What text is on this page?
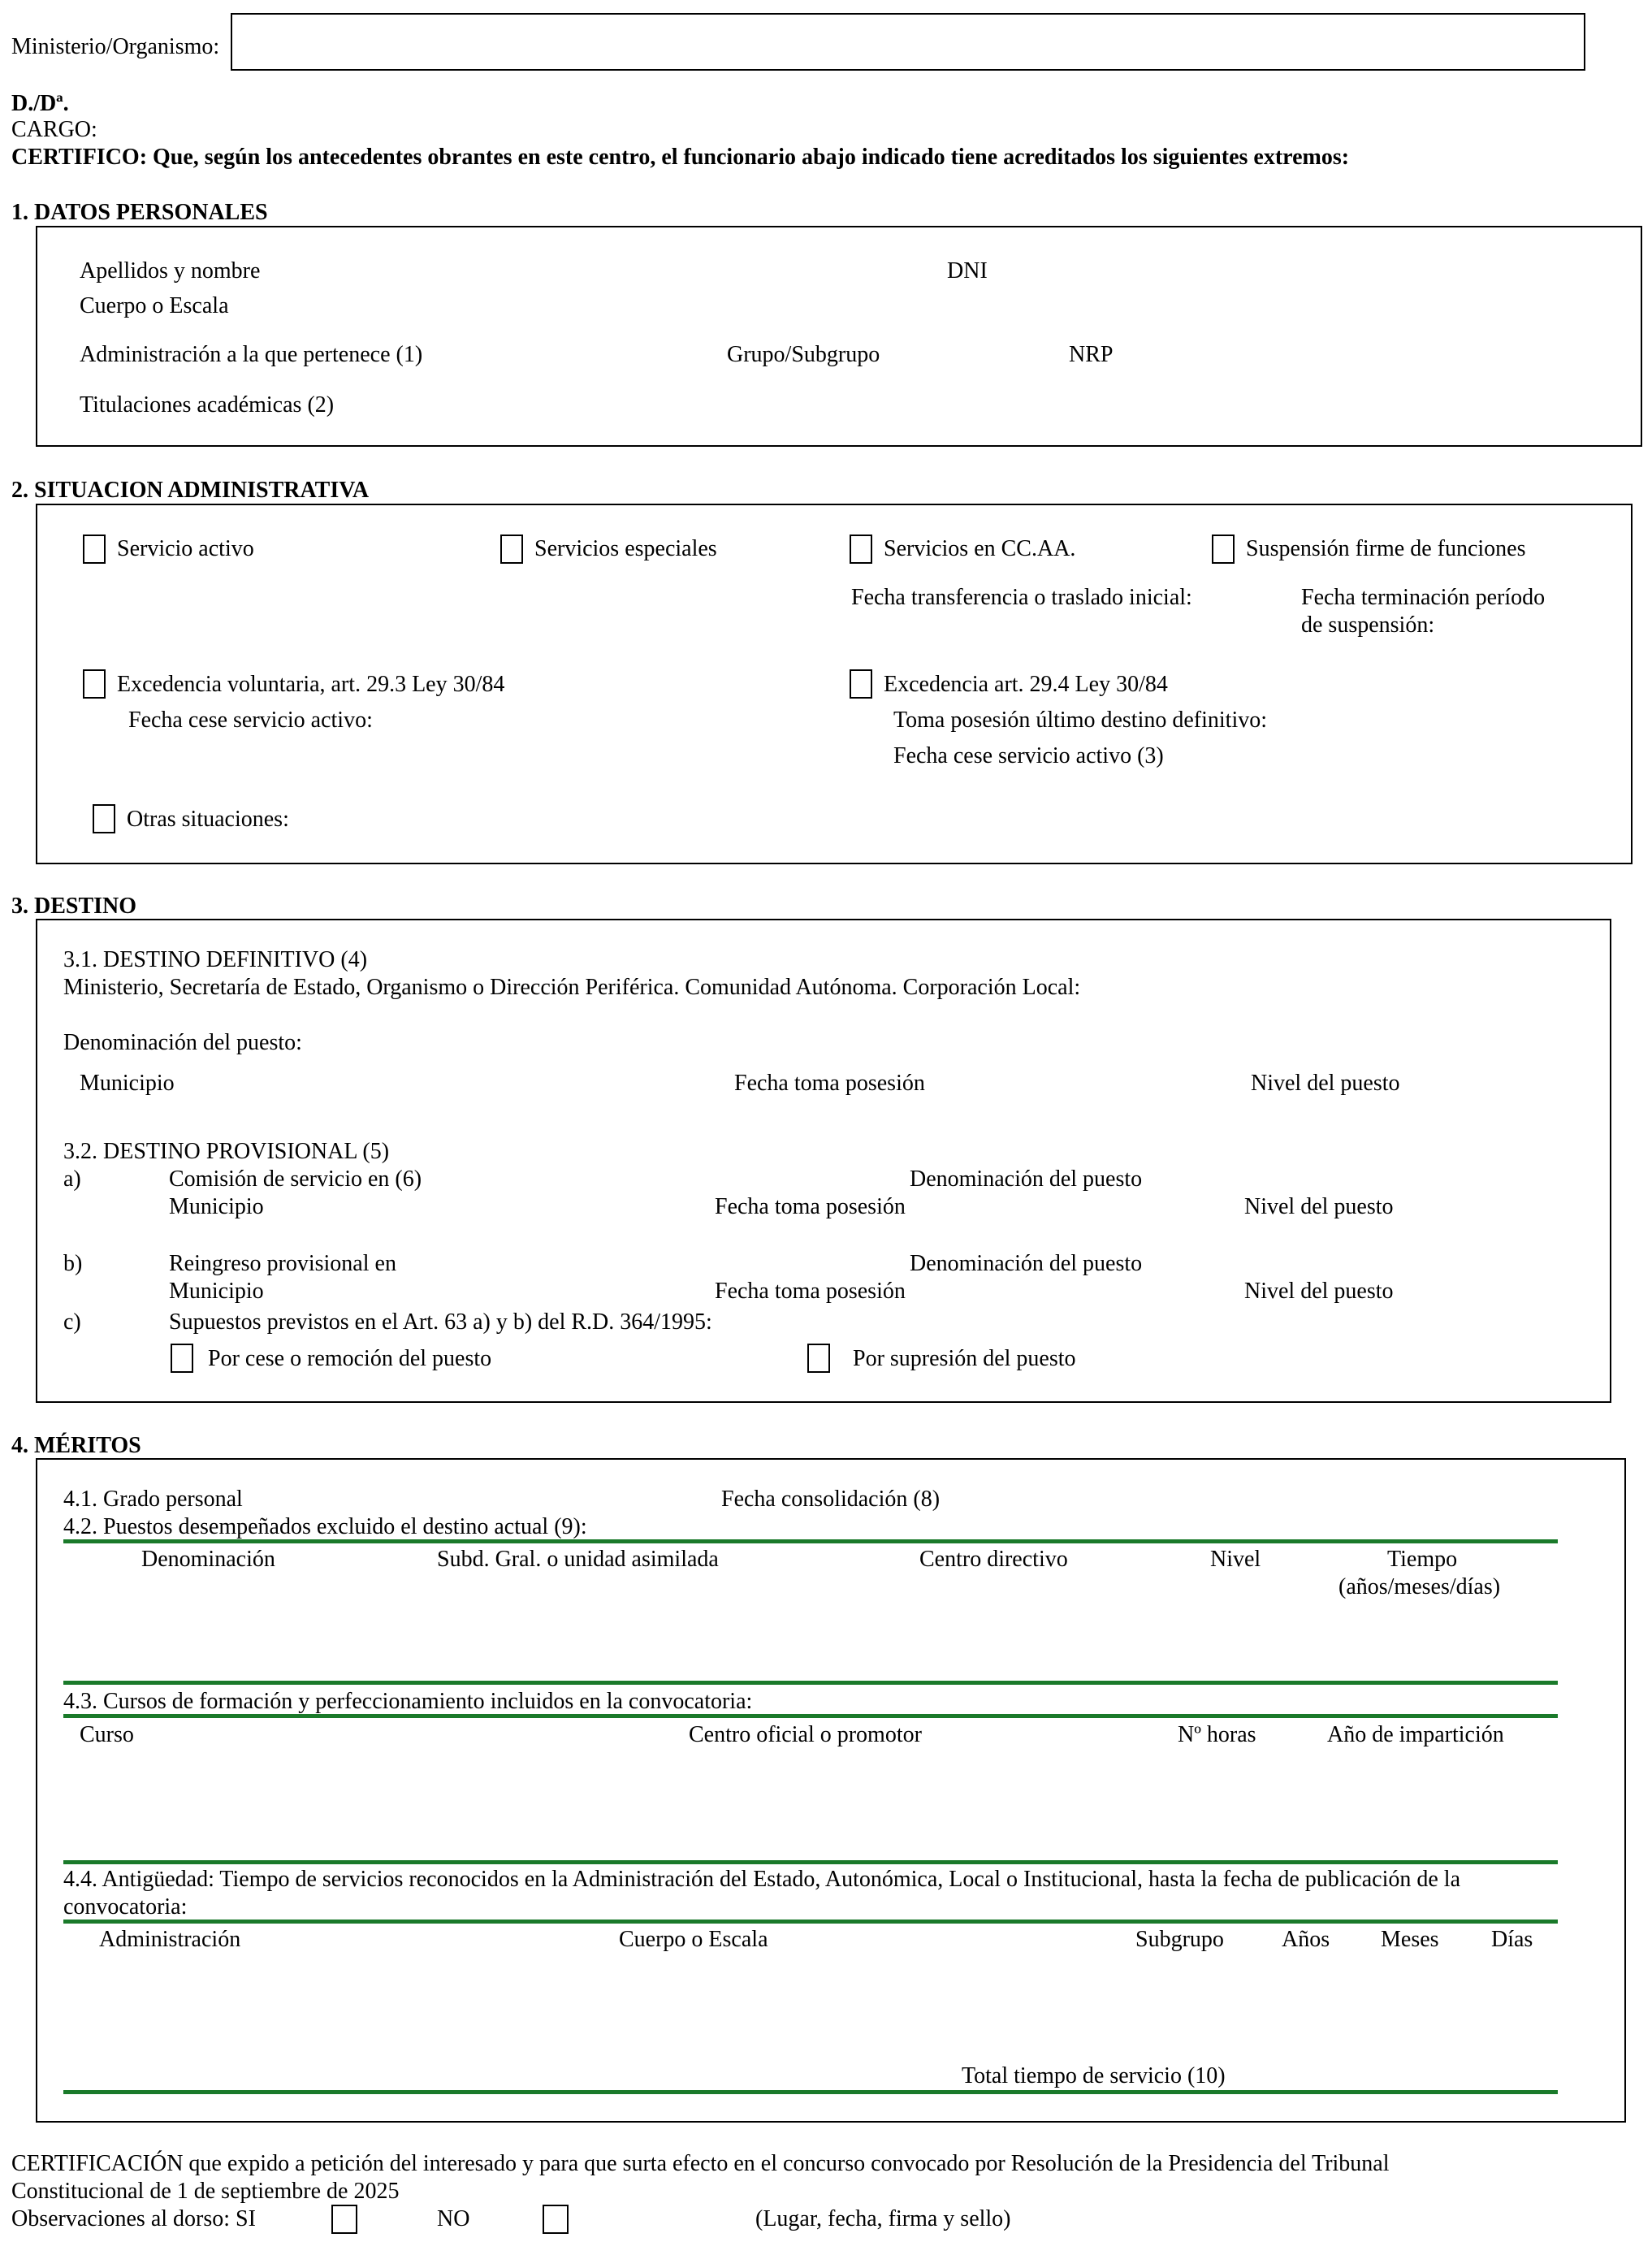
Ministerio/Organismo:
D./Dª.
CARGO:
CERTIFICO: Que, según los antecedentes obrantes en este centro, el funcionario abajo indicado tiene acreditados los siguientes extremos:
1. DATOS PERSONALES
Apellidos y nombre	DNI
Cuerpo o Escala
Administración a la que pertenece (1)	Grupo/Subgrupo	NRP
Titulaciones académicas (2)
2. SITUACION ADMINISTRATIVA
Servicio activo	Servicios especiales	Servicios en CC.AA.	Suspensión firme de funciones
Fecha transferencia o traslado inicial:	Fecha terminación período
de suspensión:
Excedencia voluntaria, art. 29.3 Ley 30/84
Fecha cese servicio activo:
Excedencia art. 29.4 Ley 30/84
Toma posesión último destino definitivo:
Fecha cese servicio activo (3)
Otras situaciones:
3. DESTINO
3.1. DESTINO DEFINITIVO (4)
Ministerio, Secretaría de Estado, Organismo o Dirección Periférica. Comunidad Autónoma. Corporación Local:
Denominación del puesto:
Municipio	Fecha toma posesión	Nivel del puesto
3.2. DESTINO PROVISIONAL (5)
a)	Comisión de servicio en (6)	Denominación del puesto
Municipio	Fecha toma posesión	Nivel del puesto
b)	Reingreso provisional en	Denominación del puesto
Municipio	Fecha toma posesión	Nivel del puesto
c)	Supuestos previstos en el Art. 63 a) y b) del R.D. 364/1995:
Por cese o remoción del puesto	Por supresión del puesto
4. MÉRITOS
4.1. Grado personal	Fecha consolidación (8)
4.2. Puestos desempeñados excluido el destino actual (9):
Denominación	Subd. Gral. o unidad asimilada	Centro directivo	Nivel	Tiempo
(años/meses/días)
4.3. Cursos de formación y perfeccionamiento incluidos en la convocatoria:
Curso	Centro oficial o promotor	Nº horas	Año de impartición
4.4. Antigüedad: Tiempo de servicios reconocidos en la Administración del Estado, Autonómica, Local o Institucional, hasta la fecha de publicación de la
convocatoria:
Administración	Cuerpo o Escala	Subgrupo	Años Meses Días
Total tiempo de servicio (10)
CERTIFICACIÓN que expido a petición del interesado y para que surta efecto en el concurso convocado por Resolución de la Presidencia del Tribunal
Constitucional de 1 de septiembre de 2025
Observaciones al dorso: SI	NO	(Lugar, fecha, firma y sello)
